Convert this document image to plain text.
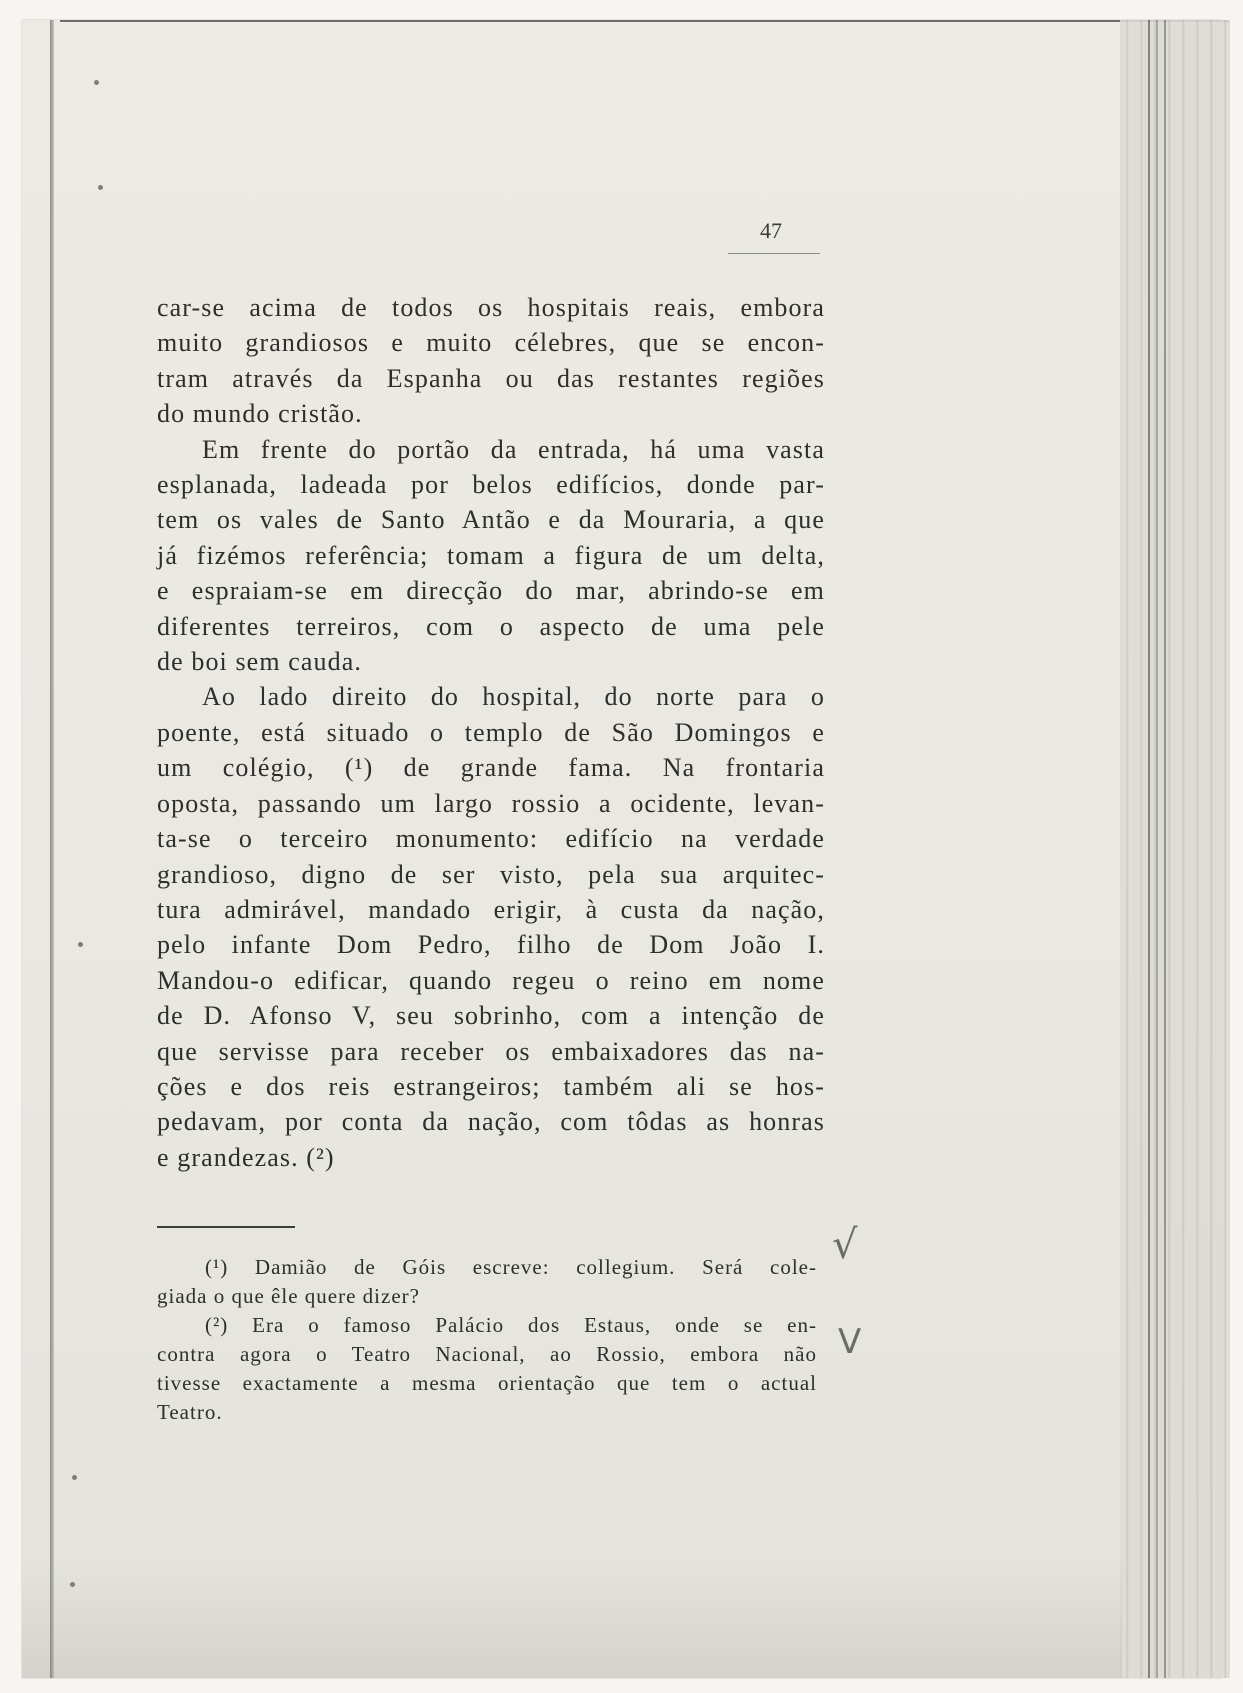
47
car-se acima de todos os hospitais reais, embora
muito grandiosos e muito célebres, que se encon-
tram através da Espanha ou das restantes regiões
do mundo cristão.
Em frente do portão da entrada, há uma vasta
esplanada, ladeada por belos edifícios, donde par-
tem os vales de Santo Antão e da Mouraria, a que
já fizémos referência; tomam a figura de um delta,
e espraiam-se em direcção do mar, abrindo-se em
diferentes terreiros, com o aspecto de uma pele
de boi sem cauda.
Ao lado direito do hospital, do norte para o
poente, está situado o templo de São Domingos e
um colégio, (¹) de grande fama. Na frontaria
oposta, passando um largo rossio a ocidente, levan-
ta-se o terceiro monumento: edifício na verdade
grandioso, digno de ser visto, pela sua arquitec-
tura admirável, mandado erigir, à custa da nação,
pelo infante Dom Pedro, filho de Dom João I.
Mandou-o edificar, quando regeu o reino em nome
de D. Afonso V, seu sobrinho, com a intenção de
que servisse para receber os embaixadores das na-
ções e dos reis estrangeiros; também ali se hos-
pedavam, por conta da nação, com tôdas as honras
e grandezas. (²)
(¹) Damião de Góis escreve: collegium. Será cole-
giada o que êle quere dizer?
(²) Era o famoso Palácio dos Estaus, onde se en-
contra agora o Teatro Nacional, ao Rossio, embora não
tivesse exactamente a mesma orientação que tem o actual
Teatro.
√
V
